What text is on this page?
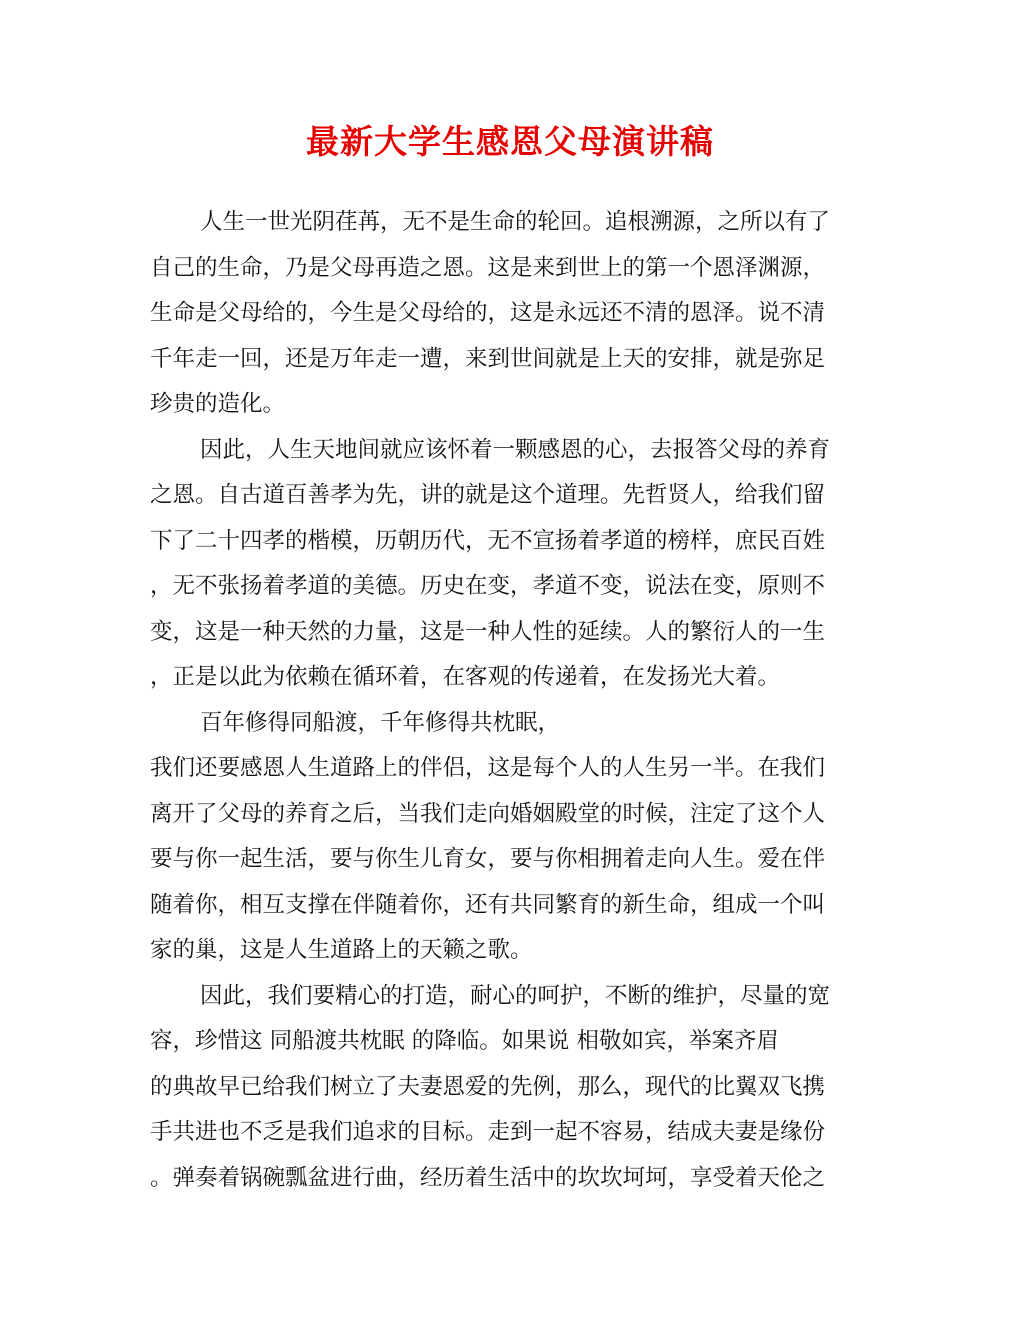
最新大学生感恩父母演讲稿
人生一世光阴荏苒，无不是生命的轮回。追根溯源，之所以有了
自己的生命，乃是父母再造之恩。这是来到世上的第一个恩泽渊源，
生命是父母给的，今生是父母给的，这是永远还不清的恩泽。说不清
千年走一回，还是万年走一遭，来到世间就是上天的安排，就是弥足
珍贵的造化。
因此，人生天地间就应该怀着一颗感恩的心，去报答父母的养育
之恩。自古道百善孝为先，讲的就是这个道理。先哲贤人，给我们留
下了二十四孝的楷模，历朝历代，无不宣扬着孝道的榜样，庶民百姓
，无不张扬着孝道的美德。历史在变，孝道不变，说法在变，原则不
变，这是一种天然的力量，这是一种人性的延续。人的繁衍人的一生
，正是以此为依赖在循环着，在客观的传递着，在发扬光大着。
百年修得同船渡，千年修得共枕眠，
我们还要感恩人生道路上的伴侣，这是每个人的人生另一半。在我们
离开了父母的养育之后，当我们走向婚姻殿堂的时候，注定了这个人
要与你一起生活，要与你生儿育女，要与你相拥着走向人生。爱在伴
随着你，相互支撑在伴随着你，还有共同繁育的新生命，组成一个叫
家的巢，这是人生道路上的天籁之歌。
因此，我们要精心的打造，耐心的呵护，不断的维护，尽量的宽
容，珍惜这 同船渡共枕眠 的降临。如果说 相敬如宾，举案齐眉
的典故早已给我们树立了夫妻恩爱的先例，那么，现代的比翼双飞携
手共进也不乏是我们追求的目标。走到一起不容易，结成夫妻是缘份
。弹奏着锅碗瓢盆进行曲，经历着生活中的坎坎坷坷，享受着天伦之
